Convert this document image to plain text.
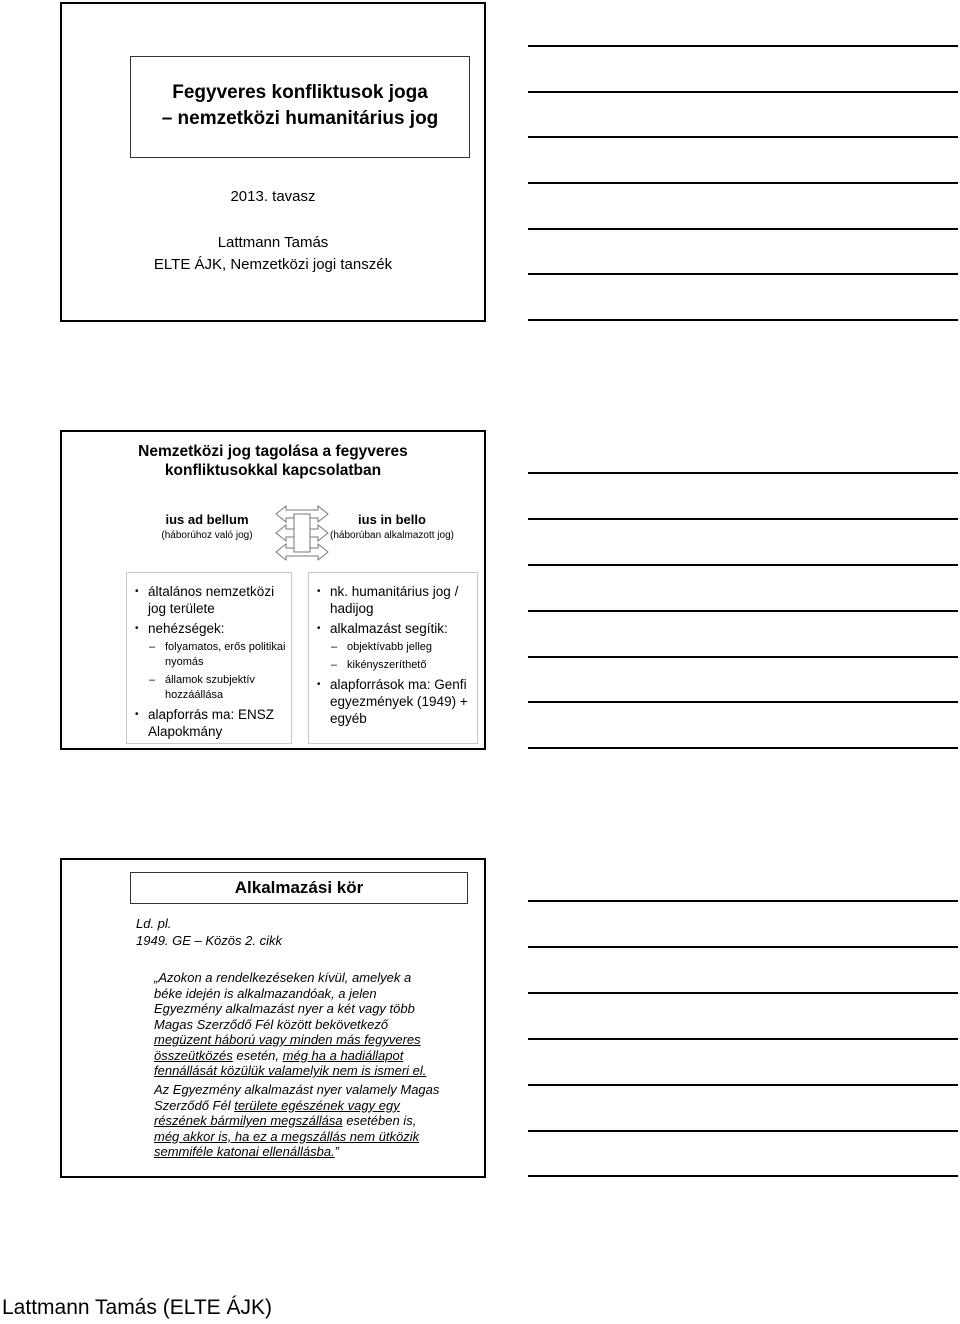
Fegyveres konfliktusok joga
– nemzetközi humanitárius jog
2013. tavasz
Lattmann Tamás
ELTE ÁJK, Nemzetközi jogi tanszék
Nemzetközi jog tagolása a fegyveres
konfliktusokkal kapcsolatban
ius ad bellum
(háborúhoz való jog)
ius in bello
(háborúban alkalmazott jog)
• általános nemzetközi jog területe
• nehézségek:
– folyamatos, erős politikai nyomás
– államok szubjektív hozzáállása
• alapforrás ma: ENSZ Alapokmány
• nk. humanitárius jog / hadijog
• alkalmazást segítik:
– objektívabb jelleg
– kikényszeríthető
• alapforrások ma: Genfi egyezmények (1949) + egyéb
Alkalmazási kör
Ld. pl.
1949. GE – Közös 2. cikk
„Azokon a rendelkezéseken kívül, amelyek a
béke idején is alkalmazandóak, a jelen
Egyezmény alkalmazást nyer a két vagy több
Magas Szerződő Fél között bekövetkező
megüzent háború vagy minden más fegyveres
összeütközés esetén, még ha a hadiállapot
fennállását közülük valamelyik nem is ismeri el.
Az Egyezmény alkalmazást nyer valamely Magas
Szerződő Fél területe egészének vagy egy
részének bármilyen megszállása esetében is,
még akkor is, ha ez a megszállás nem ütközik
semmiféle katonai ellenállásba.”
Lattmann Tamás (ELTE ÁJK)
